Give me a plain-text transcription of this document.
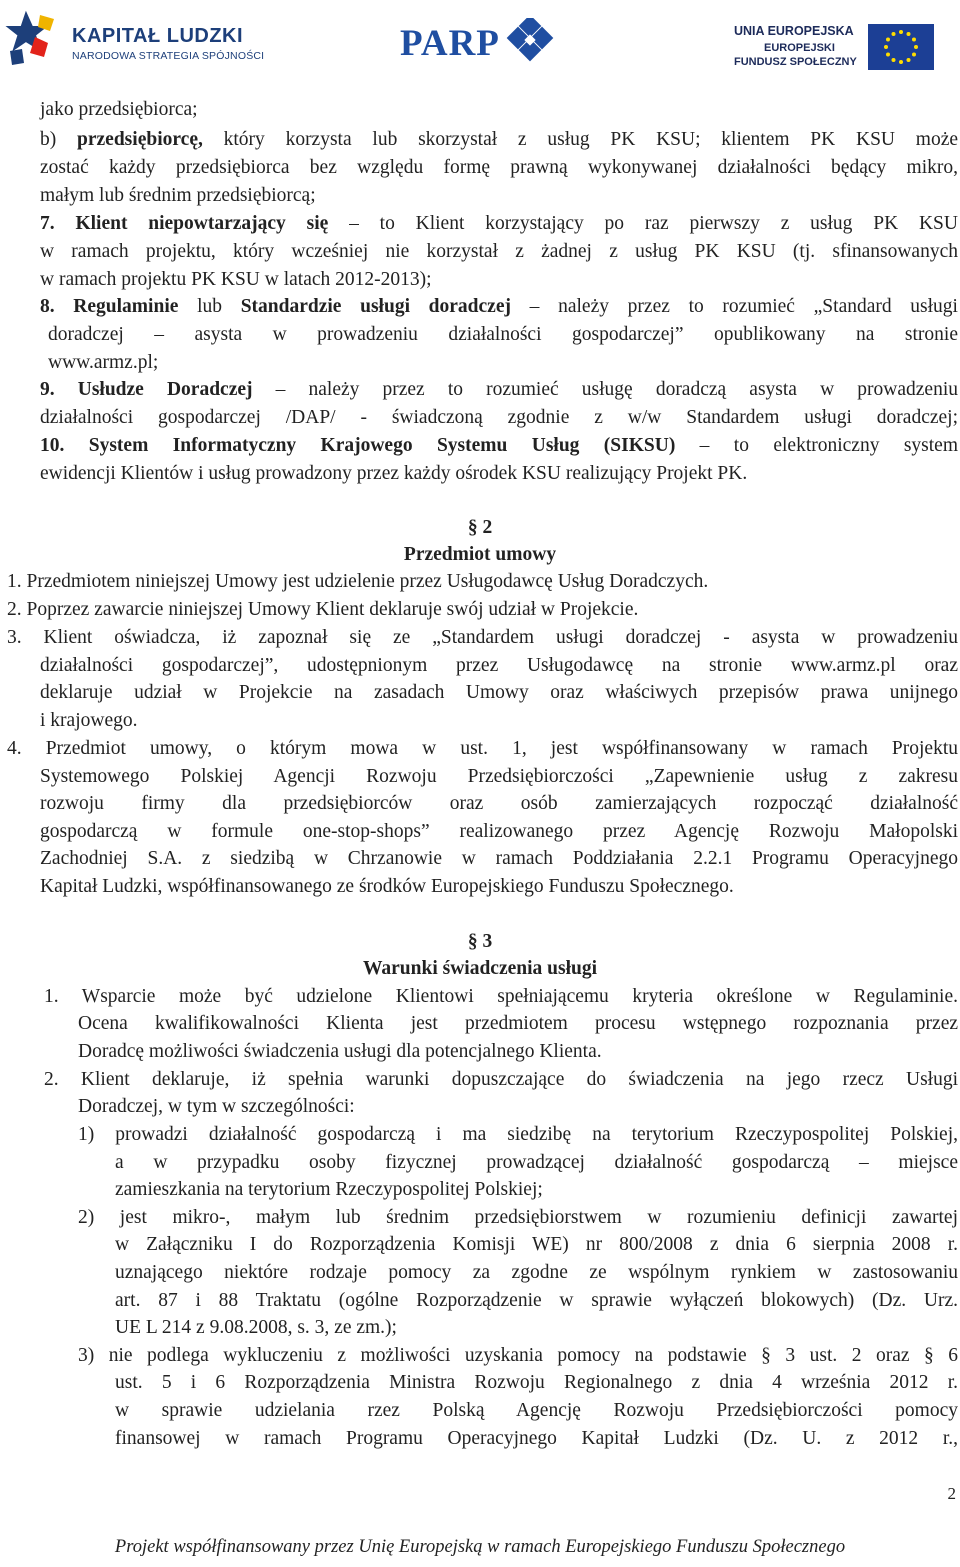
KAPITAŁ LUDZKI
NARODOWA STRATEGIA SPÓJNOŚCI	PARP	UNIA EUROPEJSKA
EUROPEJSKI
FUNDUSZ SPOŁECZNY
jako przedsiębiorca;
b) przedsiębiorcę, który korzysta lub skorzystał z usług PK KSU; klientem PK KSU może
zostać każdy przedsiębiorca bez względu formę prawną wykonywanej działalności będący mikro,
małym lub średnim przedsiębiorcą;
7. Klient niepowtarzający się – to Klient korzystający po raz pierwszy z usług PK KSU
w ramach projektu, który wcześniej nie korzystał z żadnej z usług PK KSU (tj. sfinansowanych
w ramach projektu PK KSU w latach 2012-2013);
8. Regulaminie lub Standardzie usługi doradczej – należy przez to rozumieć „Standard usługi
doradczej – asysta w prowadzeniu działalności gospodarczej” opublikowany na stronie
www.armz.pl;
9. Usłudze Doradczej – należy przez to rozumieć usługę doradczą asysta w prowadzeniu
działalności gospodarczej /DAP/ - świadczoną zgodnie z w/w Standardem usługi doradczej;
10. System Informatyczny Krajowego Systemu Usług (SIKSU) – to elektroniczny system
ewidencji Klientów i usług prowadzony przez każdy ośrodek KSU realizujący Projekt PK.
§ 2
Przedmiot umowy
1. Przedmiotem niniejszej Umowy jest udzielenie przez Usługodawcę Usług Doradczych.
2. Poprzez zawarcie niniejszej Umowy Klient deklaruje swój udział w Projekcie.
3. Klient oświadcza, iż zapoznał się ze „Standardem usługi doradczej - asysta w prowadzeniu
działalności gospodarczej”, udostępnionym przez Usługodawcę na stronie www.armz.pl oraz
deklaruje udział w Projekcie na zasadach Umowy oraz właściwych przepisów prawa unijnego
i krajowego.
4. Przedmiot umowy, o którym mowa w ust. 1, jest współfinansowany w ramach Projektu
Systemowego Polskiej Agencji Rozwoju Przedsiębiorczości „Zapewnienie usług z zakresu
rozwoju firmy dla przedsiębiorców oraz osób zamierzających rozpocząć działalność
gospodarczą w formule one-stop-shops” realizowanego przez Agencję Rozwoju Małopolski
Zachodniej S.A. z siedzibą w Chrzanowie w ramach Poddziałania 2.2.1 Programu Operacyjnego
Kapitał Ludzki, współfinansowanego ze środków Europejskiego Funduszu Społecznego.
§ 3
Warunki świadczenia usługi
1. Wsparcie może być udzielone Klientowi spełniającemu kryteria określone w Regulaminie.
Ocena kwalifikowalności Klienta jest przedmiotem procesu wstępnego rozpoznania przez
Doradcę możliwości świadczenia usługi dla potencjalnego Klienta.
2. Klient deklaruje, iż spełnia warunki dopuszczające do świadczenia na jego rzecz Usługi
Doradczej, w tym w szczególności:
1) prowadzi działalność gospodarczą i ma siedzibę na terytorium Rzeczypospolitej Polskiej,
a w przypadku osoby fizycznej prowadzącej działalność gospodarczą – miejsce
zamieszkania na terytorium Rzeczypospolitej Polskiej;
2) jest mikro-, małym lub średnim przedsiębiorstwem w rozumieniu definicji zawartej
w Załączniku I do Rozporządzenia Komisji WE) nr 800/2008 z dnia 6 sierpnia 2008 r.
uznającego niektóre rodzaje pomocy za zgodne ze wspólnym rynkiem w zastosowaniu
art. 87 i 88 Traktatu (ogólne Rozporządzenie w sprawie wyłączeń blokowych) (Dz. Urz.
UE L 214 z 9.08.2008, s. 3, ze zm.);
3) nie podlega wykluczeniu z możliwości uzyskania pomocy na podstawie § 3 ust. 2 oraz § 6
ust. 5 i 6 Rozporządzenia Ministra Rozwoju Regionalnego z dnia 4 września 2012 r.
w sprawie udzielania rzez Polską Agencję Rozwoju Przedsiębiorczości pomocy
finansowej w ramach Programu Operacyjnego Kapitał Ludzki (Dz. U. z 2012 r.,
2
Projekt współfinansowany przez Unię Europejską w ramach Europejskiego Funduszu Społecznego
